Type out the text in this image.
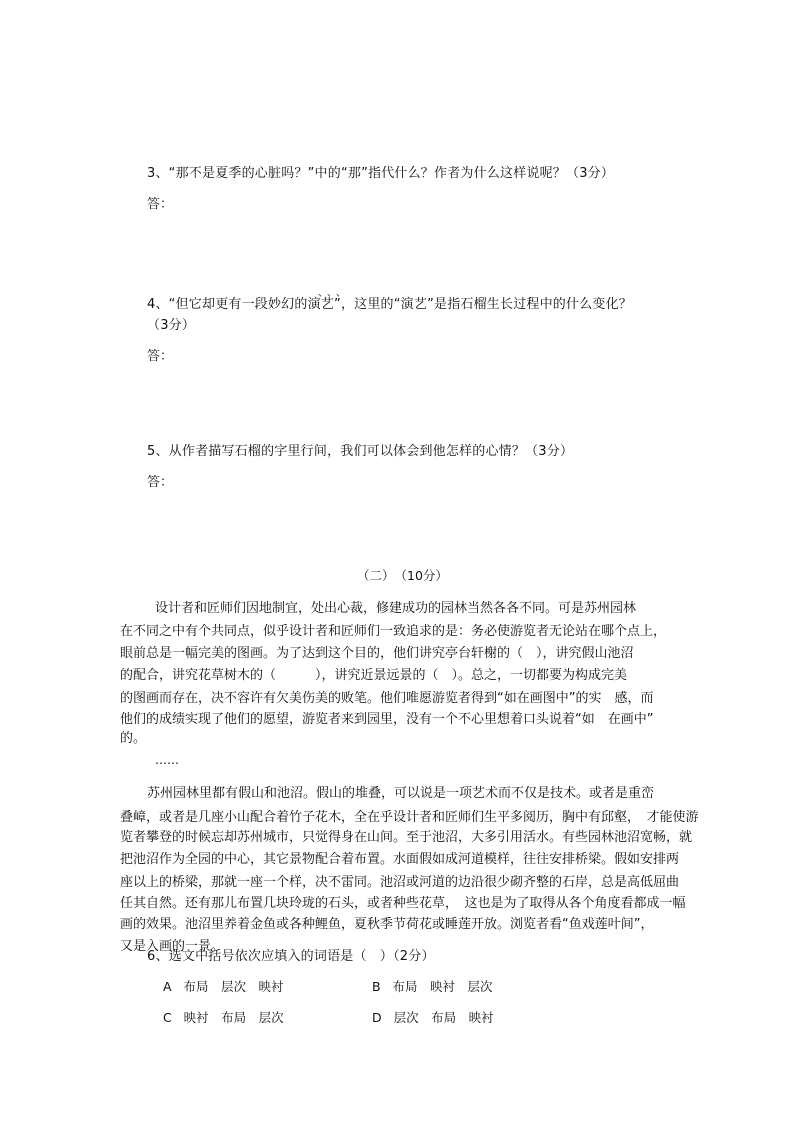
3、“那不是夏季的心脏吗？”中的“那”指代什么？作者为什么这样说呢？（3分）
答：
、、、
4、“但它却更有一段妙幻的演艺”，这里的“演艺”是指石榴生长过程中的什么变化？
（3分）
答：
5、从作者描写石榴的字里行间，我们可以体会到他怎样的心情？（3分）
答：
（二）　（10分）
设计者和匠师们因地制宜，处出心裁，修建成功的园林当然各各不同。可是苏州园林
在不同之中有个共同点，似乎设计者和匠师们一致追求的是：务必使游览者无论站在哪个点上，
眼前总是一幅完美的图画。为了达到这个目的，他们讲究亭台轩榭的（　），讲究假山池沼
的配合，讲究花草树木的（　　　），讲究近景远景的（　）。总之，一切都要为构成完美
的图画而存在，决不容许有欠美伤美的败笔。他们唯愿游览者得到“如在画图中”的实　感，而
他们的成绩实现了他们的愿望，游览者来到园里，没有一个不心里想着口头说着“如　在画中”
的。
……
苏州园林里都有假山和池沼。假山的堆叠，可以说是一项艺术而不仅是技术。或者是重峦
叠嶂，或者是几座小山配合着竹子花木，全在乎设计者和匠师们生平多阅历，胸中有邱壑，　才能使游
览者攀登的时候忘却苏州城市，只觉得身在山间。至于池沼，大多引用活水。有些园林池沼宽畅，就
把池沼作为全园的中心，其它景物配合着布置。水面假如成河道模样，往往安排桥梁。假如安排两
座以上的桥梁，那就一座一个样，决不雷同。池沼或河道的边沿很少砌齐整的石岸，总是高低屈曲
任其自然。还有那儿布置几块玲珑的石头，或者种些花草，　这也是为了取得从各个角度看都成一幅
画的效果。池沼里养着金鱼或各种鲤鱼，夏秋季节荷花或睡莲开放。浏览者看“鱼戏莲叶间”，
又是入画的一景。
6、选文中括号依次应填入的词语是（　）（2分）
A 布局　层次　映衬	B 布局　映衬　层次
C 映衬　布局　层次	D 层次　布局　映衬
